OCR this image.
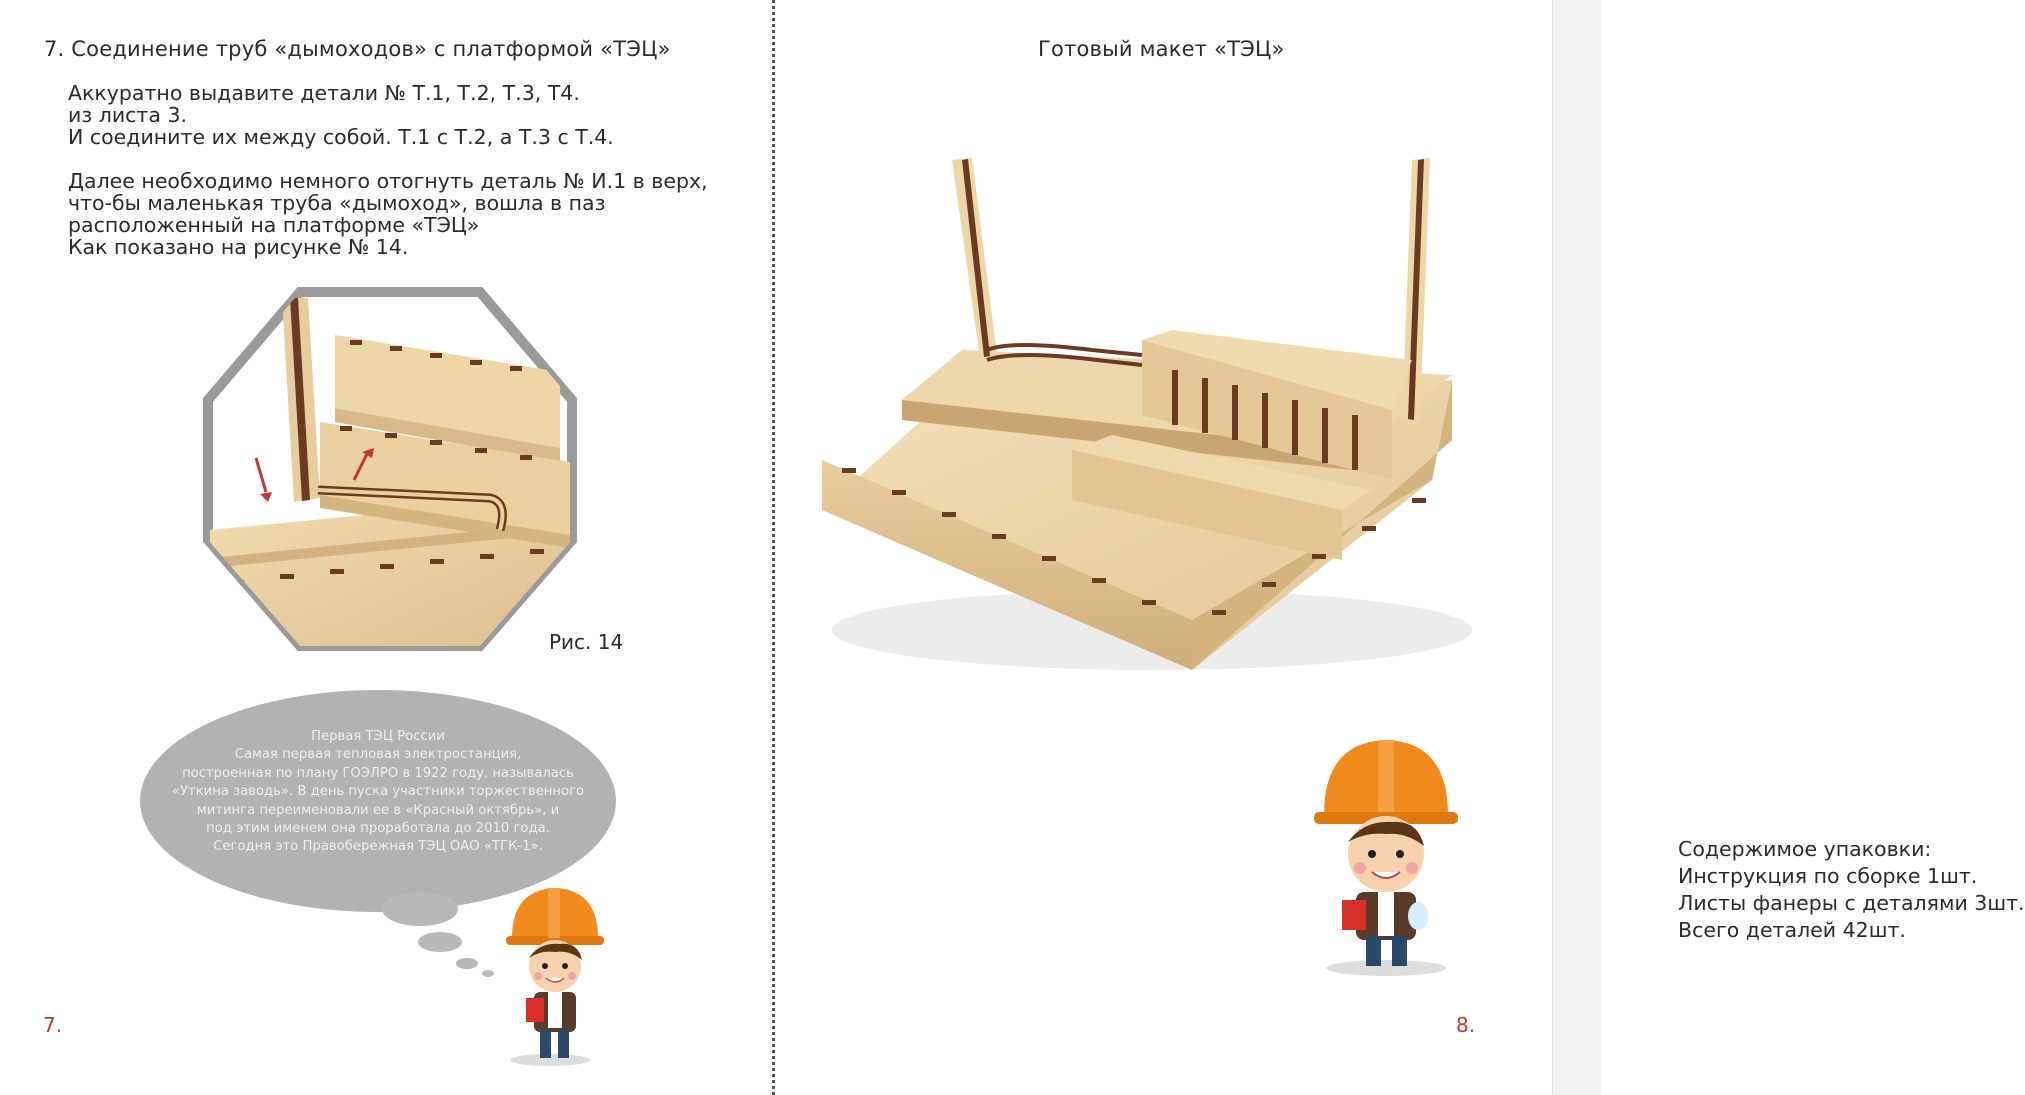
7. Соединение труб «дымоходов» с платформой «ТЭЦ»
Аккуратно выдавите детали № Т.1, Т.2, Т.3, Т4.
из листа 3.
И соедините их между собой. Т.1 с Т.2, а Т.3 с Т.4.
Далее необходимо немного отогнуть деталь № И.1 в верх,
что-бы маленькая труба «дымоход», вошла в паз
расположенный на платформе «ТЭЦ»
Как показано на рисунке № 14.
Рис. 14
Первая ТЭЦ России
Самая первая тепловая электростанция,
построенная по плану ГОЭЛРО в 1922 году, называлась
«Уткина заводь». В день пуска участники торжественного
митинга переименовали ее в «Красный октябрь», и
под этим именем она проработала до 2010 года.
Сегодня это Правобережная ТЭЦ ОАО «ТГК-1».
7.
Готовый макет «ТЭЦ»
Содержимое упаковки:
Инструкция по сборке 1шт.
Листы фанеры с деталями 3шт.
Всего деталей 42шт.
8.
